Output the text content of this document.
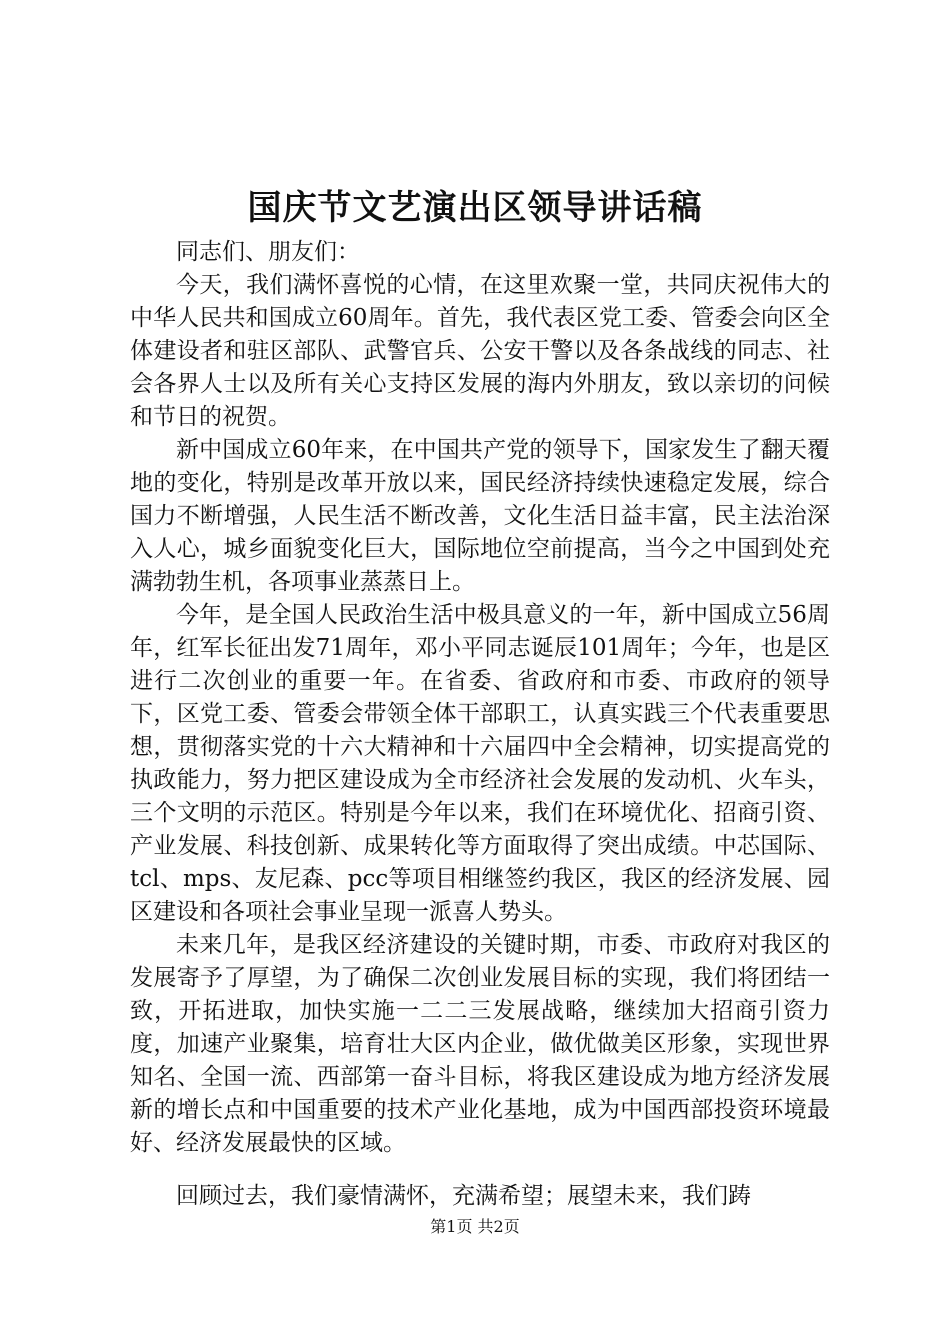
国庆节文艺演出区领导讲话稿

同志们、朋友们：

今天，我们满怀喜悦的心情，在这里欢聚一堂，共同庆祝伟大的中华人民共和国成立60周年。首先，我代表区党工委、管委会向区全体建设者和驻区部队、武警官兵、公安干警以及各条战线的同志、社会各界人士以及所有关心支持区发展的海内外朋友，致以亲切的问候和节日的祝贺。

新中国成立60年来，在中国共产党的领导下，国家发生了翻天覆地的变化，特别是改革开放以来，国民经济持续快速稳定发展，综合国力不断增强，人民生活不断改善，文化生活日益丰富，民主法治深入人心，城乡面貌变化巨大，国际地位空前提高，当今之中国到处充满勃勃生机，各项事业蒸蒸日上。

今年，是全国人民政治生活中极具意义的一年，新中国成立56周年，红军长征出发71周年，邓小平同志诞辰101周年；今年，也是区进行二次创业的重要一年。在省委、省政府和市委、市政府的领导下，区党工委、管委会带领全体干部职工，认真实践三个代表重要思想，贯彻落实党的十六大精神和十六届四中全会精神，切实提高党的执政能力，努力把区建设成为全市经济社会发展的发动机、火车头，三个文明的示范区。特别是今年以来，我们在环境优化、招商引资、产业发展、科技创新、成果转化等方面取得了突出成绩。中芯国际、tcl、mps、友尼森、pcc等项目相继签约我区，我区的经济发展、园区建设和各项社会事业呈现一派喜人势头。

未来几年，是我区经济建设的关键时期，市委、市政府对我区的发展寄予了厚望，为了确保二次创业发展目标的实现，我们将团结一致，开拓进取，加快实施一二二三发展战略，继续加大招商引资力度，加速产业聚集，培育壮大区内企业，做优做美区形象，实现世界知名、全国一流、西部第一奋斗目标，将我区建设成为地方经济发展新的增长点和中国重要的技术产业化基地，成为中国西部投资环境最好、经济发展最快的区域。

回顾过去，我们豪情满怀，充满希望；展望未来，我们踌

第1页 共2页
